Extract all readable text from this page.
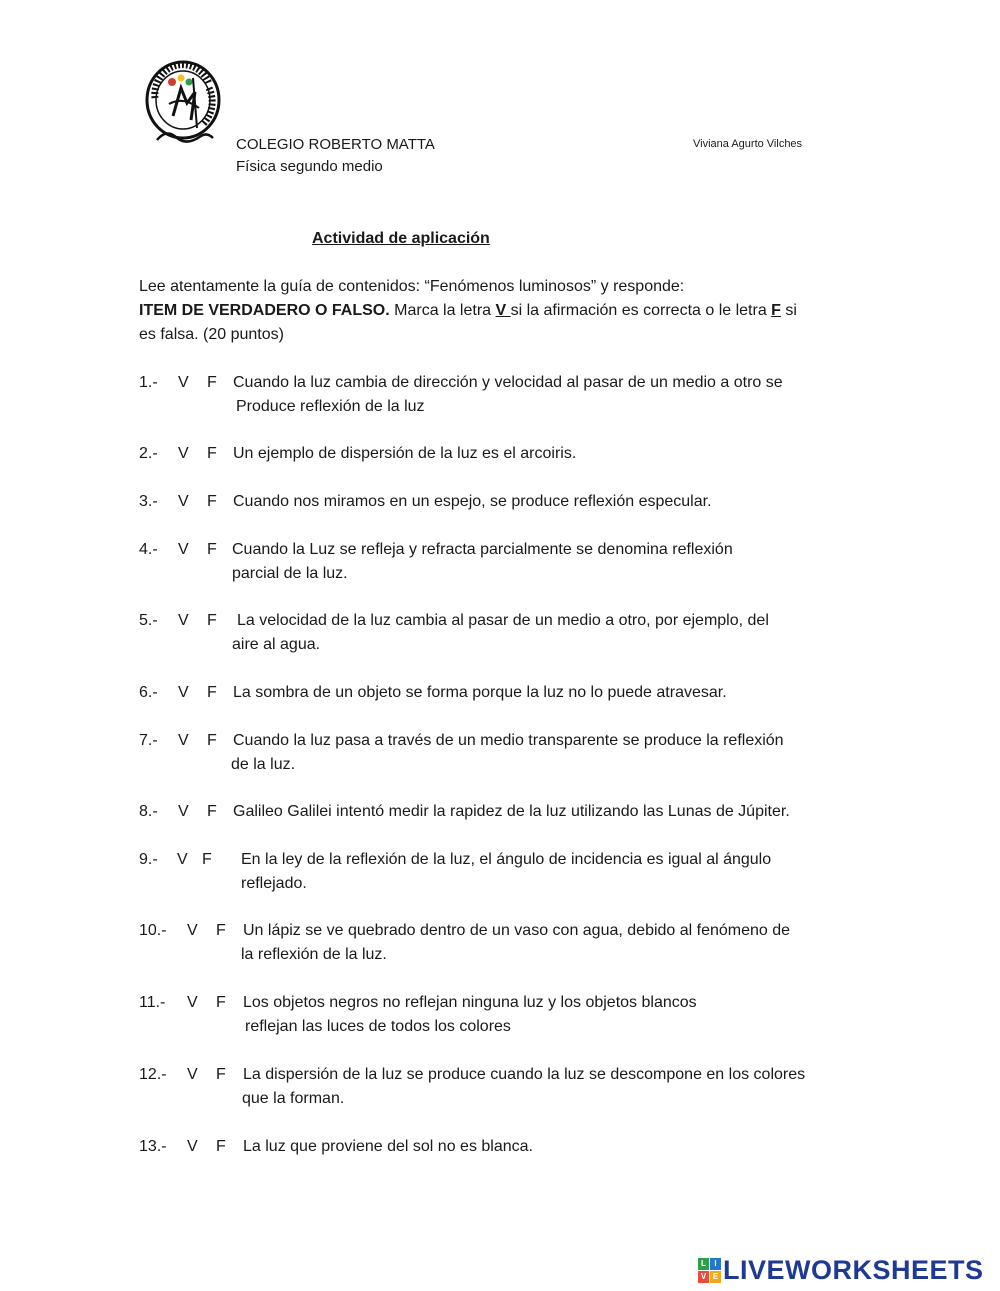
COLEGIO ROBERTO MATTA
Física segundo medio
Viviana Agurto Vilches
Actividad de aplicación

Lee atentamente la guía de contenidos: “Fenómenos luminosos” y responde:

ITEM DE VERDADERO O FALSO. Marca la letra V si la afirmación es correcta o le letra F si

es falsa. (20 puntos)

1.- V F Cuando la luz cambia de dirección y velocidad al pasar de un medio a otro se
Produce reflexión de la luz
2.- V F Un ejemplo de dispersión de la luz es el arcoiris.
3.- V F Cuando nos miramos en un espejo, se produce reflexión especular.
4.- V F Cuando la Luz se refleja y refracta parcialmente se denomina reflexión
parcial de la luz.
5.- V F La velocidad de la luz cambia al pasar de un medio a otro, por ejemplo, del
aire al agua.
6.- V F La sombra de un objeto se forma porque la luz no lo puede atravesar.
7.- V F Cuando la luz pasa a través de un medio transparente se produce la reflexión
de la luz.
8.- V F Galileo Galilei intentó medir la rapidez de la luz utilizando las Lunas de Júpiter.
9.- V F En la ley de la reflexión de la luz, el ángulo de incidencia es igual al ángulo
reflejado.
10.- V F Un lápiz se ve quebrado dentro de un vaso con agua, debido al fenómeno de
la reflexión de la luz.
11.- V F Los objetos negros no reflejan ninguna luz y los objetos blancos
reflejan las luces de todos los colores
12.- V F La dispersión de la luz se produce cuando la luz se descompone en los colores
que la forman.
13.- V F La luz que proviene del sol no es blanca.
L	I
V E LIVEWORKSHEETS
